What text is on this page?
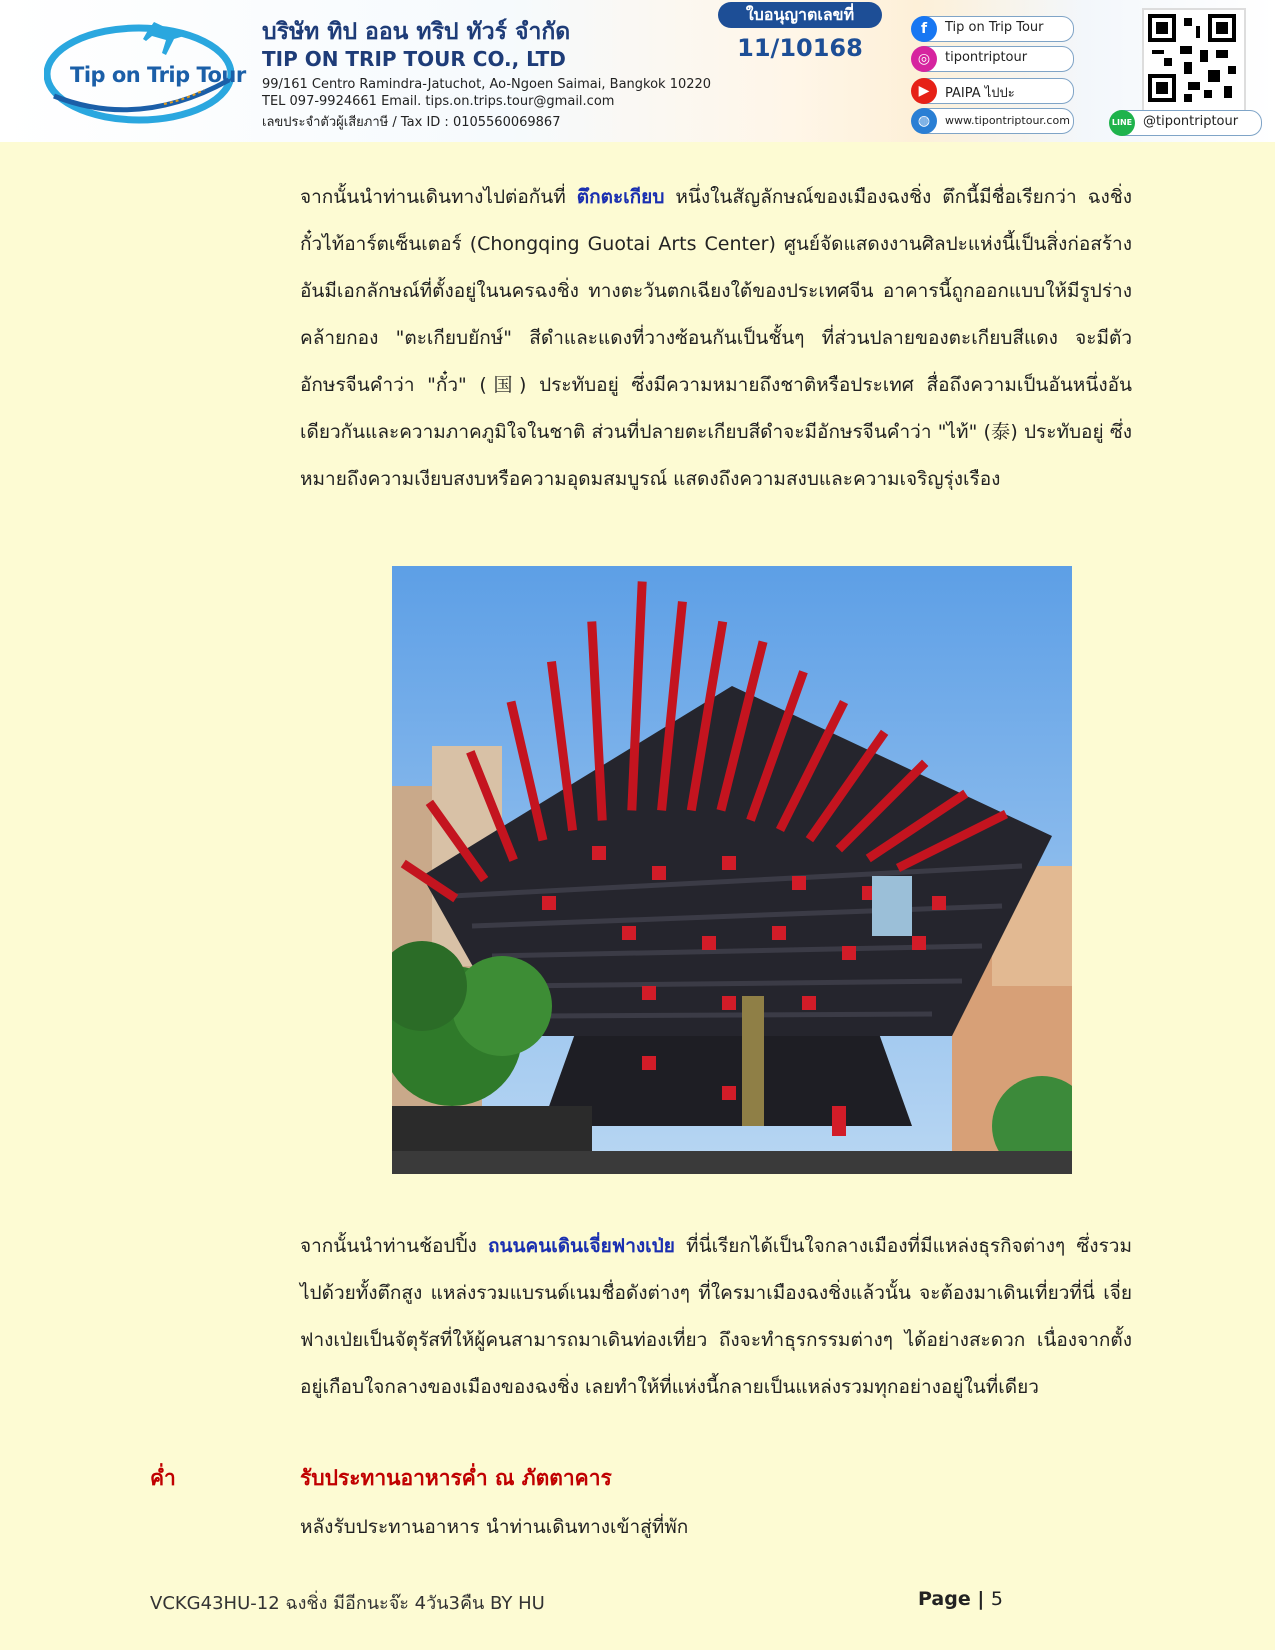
Tip on Trip Tour
บริษัท ทิป ออน ทริป ทัวร์ จำกัด
TIP ON TRIP TOUR CO., LTD
99/161 Centro Ramindra-Jatuchot, Ao-Ngoen Saimai, Bangkok 10220
TEL 097-9924661 Email. tips.on.trips.tour@gmail.com
เลขประจำตัวผู้เสียภาษี / Tax ID : 0105560069867
ใบอนุญาตเลขที่
11/10168
f	Tip on Trip Tour
◎	tipontriptour
▶	PAIPA ไปปะ
◍	www.tipontriptour.com	LINE @tipontriptour
จากนั้นนำท่านเดินทางไปต่อกันที่ ตึกตะเกียบ หนึ่งในสัญลักษณ์ของเมืองฉงชิ่ง ตึกนี้มีชื่อเรียกว่า ฉงชิ่งกั๋วไท้อาร์ตเซ็นเตอร์ (Chongqing Guotai Arts Center) ศูนย์จัดแสดงงานศิลปะแห่งนี้เป็นสิ่งก่อสร้างอันมีเอกลักษณ์ที่ตั้งอยู่ในนครฉงชิ่ง ทางตะวันตกเฉียงใต้ของประเทศจีน อาคารนี้ถูกออกแบบให้มีรูปร่างคล้ายกอง "ตะเกียบยักษ์" สีดำและแดงที่วางซ้อนกันเป็นชั้นๆ ที่ส่วนปลายของตะเกียบสีแดง จะมีตัวอักษรจีนคำว่า "กั๋ว" (国) ประทับอยู่ ซึ่งมีความหมายถึงชาติหรือประเทศ สื่อถึงความเป็นอันหนึ่งอันเดียวกันและความภาคภูมิใจในชาติ ส่วนที่ปลายตะเกียบสีดำจะมีอักษรจีนคำว่า "ไท้" (泰) ประทับอยู่ ซึ่งหมายถึงความเงียบสงบหรือความอุดมสมบูรณ์ แสดงถึงความสงบและความเจริญรุ่งเรือง
จากนั้นนำท่านช้อปปิ้ง ถนนคนเดินเจี่ยฟางเป่ย ที่นี่เรียกได้เป็นใจกลางเมืองที่มีแหล่งธุรกิจต่างๆ ซึ่งรวมไปด้วยทั้งตึกสูง แหล่งรวมแบรนด์เนมชื่อดังต่างๆ ที่ใครมาเมืองฉงชิ่งแล้วนั้น จะต้องมาเดินเที่ยวที่นี่ เจี่ยฟางเป่ยเป็นจัตุรัสที่ให้ผู้คนสามารถมาเดินท่องเที่ยว ถึงจะทำธุรกรรมต่างๆ ได้อย่างสะดวก เนื่องจากตั้งอยู่เกือบใจกลางของเมืองของฉงชิ่ง เลยทำให้ที่แห่งนี้กลายเป็นแหล่งรวมทุกอย่างอยู่ในที่เดียว
ค่ำ	รับประทานอาหารค่ำ ณ ภัตตาคาร
หลังรับประทานอาหาร นำท่านเดินทางเข้าสู่ที่พัก
VCKG43HU-12 ฉงชิ่ง มีอีกนะจ๊ะ 4วัน3คืน BY HU	Page | 5
